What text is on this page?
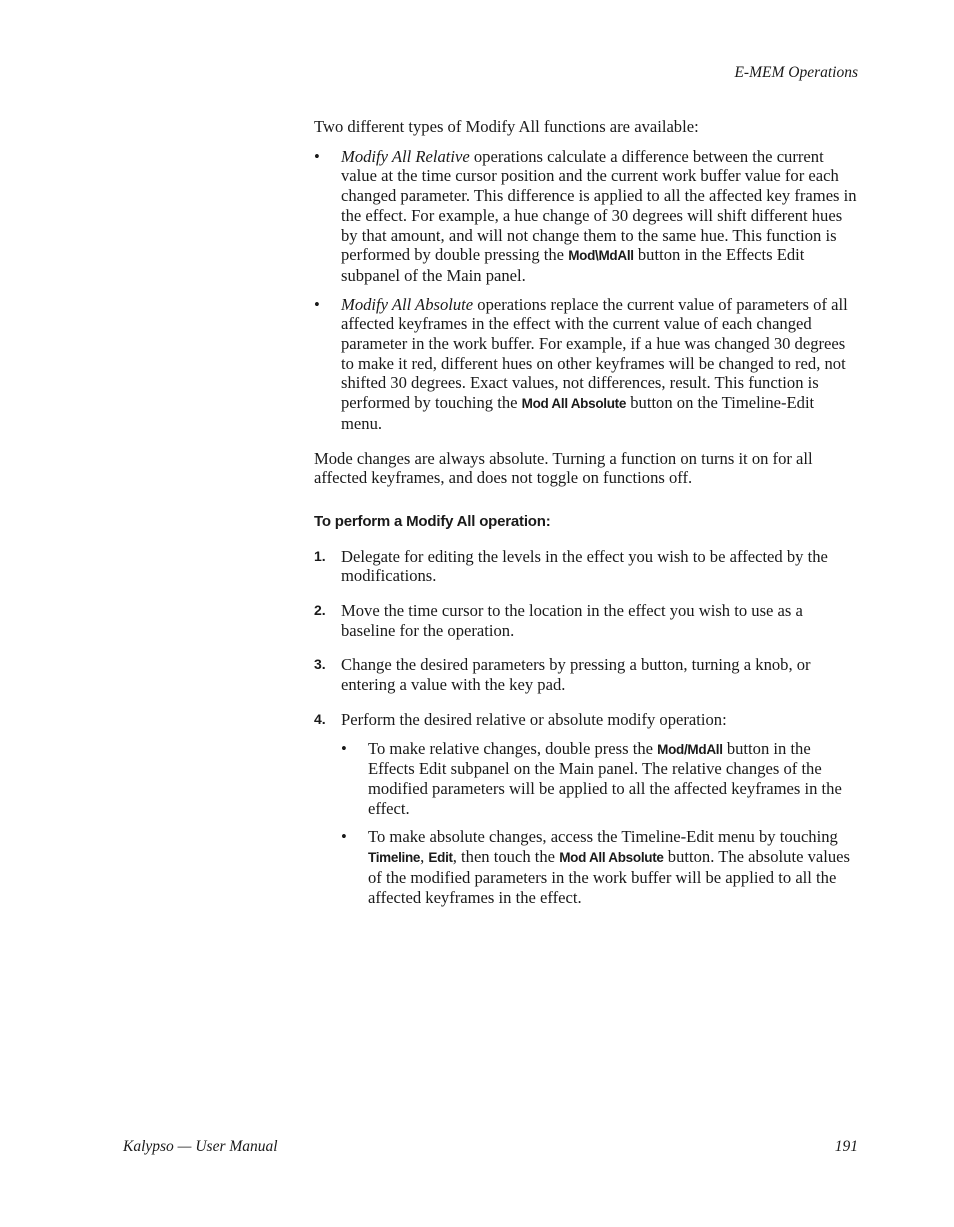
E-MEM Operations

Two different types of Modify All functions are available:

• Modify All Relative operations calculate a difference between the current value at the time cursor position and the current work buffer value for each changed parameter. This difference is applied to all the affected key frames in the effect. For example, a hue change of 30 degrees will shift different hues by that amount, and will not change them to the same hue. This function is performed by double pressing the Mod\MdAll button in the Effects Edit subpanel of the Main panel.
• Modify All Absolute operations replace the current value of parameters of all affected keyframes in the effect with the current value of each changed parameter in the work buffer. For example, if a hue was changed 30 degrees to make it red, different hues on other keyframes will be changed to red, not shifted 30 degrees. Exact values, not differences, result. This function is performed by touching the Mod All Absolute button on the Timeline-Edit menu.

Mode changes are always absolute. Turning a function on turns it on for all affected keyframes, and does not toggle on functions off.

To perform a Modify All operation:
1. Delegate for editing the levels in the effect you wish to be affected by the modifications.
2. Move the time cursor to the location in the effect you wish to use as a baseline for the operation.
3. Change the desired parameters by pressing a button, turning a knob, or entering a value with the key pad.
4. Perform the desired relative or absolute modify operation:
• To make relative changes, double press the Mod/MdAll button in the Effects Edit subpanel on the Main panel. The relative changes of the modified parameters will be applied to all the affected keyframes in the effect.
• To make absolute changes, access the Timeline-Edit menu by touching Timeline, Edit, then touch the Mod All Absolute button. The absolute values of the modified parameters in the work buffer will be applied to all the affected keyframes in the effect.
Kalypso — User Manual	191
